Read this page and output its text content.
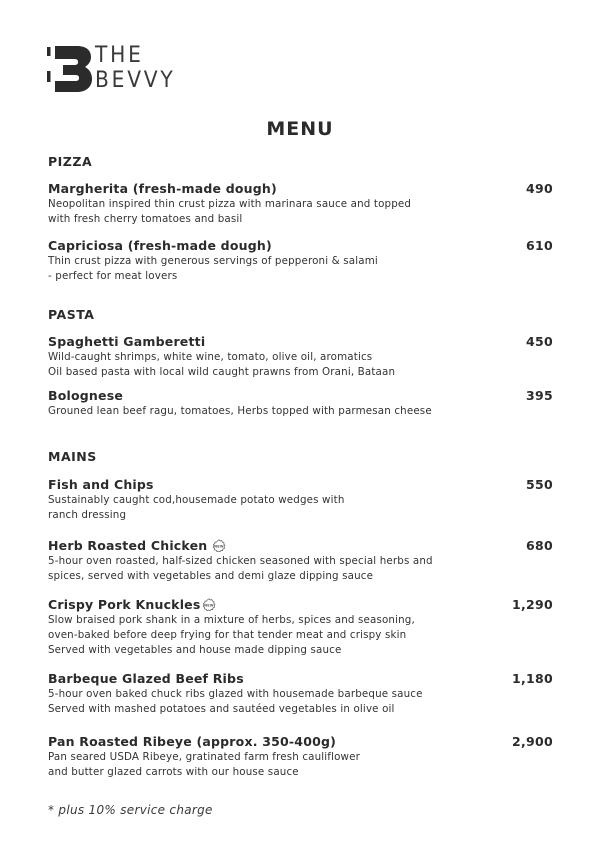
THE
BEVVY
MENU
PIZZA
Margherita (fresh-made dough)	490
Neopolitan inspired thin crust pizza with marinara sauce and topped
with fresh cherry tomatoes and basil
Capriciosa (fresh-made dough)	610
Thin crust pizza with generous servings of pepperoni & salami
- perfect for meat lovers
PASTA
Spaghetti Gamberetti	450
Wild-caught shrimps, white wine, tomato, olive oil, aromatics
Oil based pasta with local wild caught prawns from Orani, Bataan
Bolognese	395
Grouned lean beef ragu, tomatoes, Herbs topped with parmesan cheese
MAINS
Fish and Chips	550
Sustainably caught cod,housemade potato wedges with
ranch dressing
Herb Roasted Chicken NEW	680
5-hour oven roasted, half-sized chicken seasoned with special herbs and
spices, served with vegetables and demi glaze dipping sauce
Crispy Pork Knuckles NEW	1,290
Slow braised pork shank in a mixture of herbs, spices and seasoning,
oven-baked before deep frying for that tender meat and crispy skin
Served with vegetables and house made dipping sauce
Barbeque Glazed Beef Ribs	1,180
5-hour oven baked chuck ribs glazed with housemade barbeque sauce
Served with mashed potatoes and sautéed vegetables in olive oil
Pan Roasted Ribeye (approx. 350-400g)	2,900
Pan seared USDA Ribeye, gratinated farm fresh cauliflower
and butter glazed carrots with our house sauce
* plus 10% service charge
